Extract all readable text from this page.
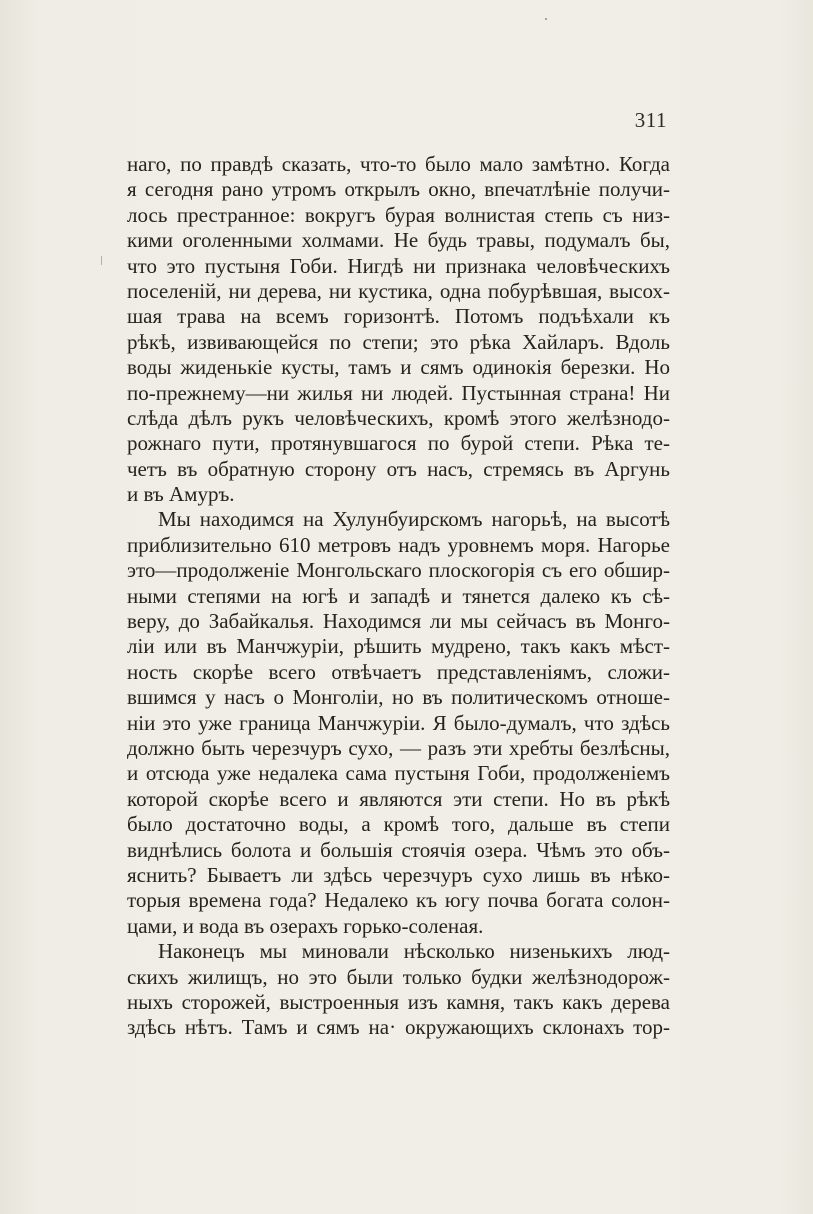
311
наго, по правдѣ сказать, что-то было мало замѣтно. Когда
я сегодня рано утромъ открылъ окно, впечатлѣніе получи-
лось престранное: вокругъ бурая волнистая степь съ низ-
кими оголенными холмами. Не будь травы, подумалъ бы,
что это пустыня Гоби. Нигдѣ ни признака человѣческихъ
поселеній, ни дерева, ни кустика, одна побурѣвшая, высох-
шая трава на всемъ горизонтѣ. Потомъ подъѣхали къ
рѣкѣ, извивающейся по степи; это рѣка Хайларъ. Вдоль
воды жиденькіе кусты, тамъ и сямъ одинокія березки. Но
по-прежнему—ни жилья ни людей. Пустынная страна! Ни
слѣда дѣлъ рукъ человѣческихъ, кромѣ этого желѣзнодо-
рожнаго пути, протянувшагося по бурой степи. Рѣка те-
четъ въ обратную сторону отъ насъ, стремясь въ Аргунь
и въ Амуръ.
Мы находимся на Хулунбуирскомъ нагорьѣ, на высотѣ
приблизительно 610 метровъ надъ уровнемъ моря. Нагорье
это—продолженіе Монгольскаго плоскогорія съ его обшир-
ными степями на югѣ и западѣ и тянется далеко къ сѣ-
веру, до Забайкалья. Находимся ли мы сейчасъ въ Монго-
ліи или въ Манчжуріи, рѣшить мудрено, такъ какъ мѣст-
ность скорѣе всего отвѣчаетъ представленіямъ, сложи-
вшимся у насъ о Монголіи, но въ политическомъ отноше-
ніи это уже граница Манчжуріи. Я было-думалъ, что здѣсь
должно быть черезчуръ сухо, — разъ эти хребты безлѣсны,
и отсюда уже недалека сама пустыня Гоби, продолженіемъ
которой скорѣе всего и являются эти степи. Но въ рѣкѣ
было достаточно воды, а кромѣ того, дальше въ степи
виднѣлись болота и большія стоячія озера. Чѣмъ это объ-
яснить? Бываетъ ли здѣсь черезчуръ сухо лишь въ нѣко-
торыя времена года? Недалеко къ югу почва богата солон-
цами, и вода въ озерахъ горько-соленая.
Наконецъ мы миновали нѣсколько низенькихъ люд-
скихъ жилищъ, но это были только будки желѣзнодорож-
ныхъ сторожей, выстроенныя изъ камня, такъ какъ дерева
здѣсь нѣтъ. Тамъ и сямъ на· окружающихъ склонахъ тор-
